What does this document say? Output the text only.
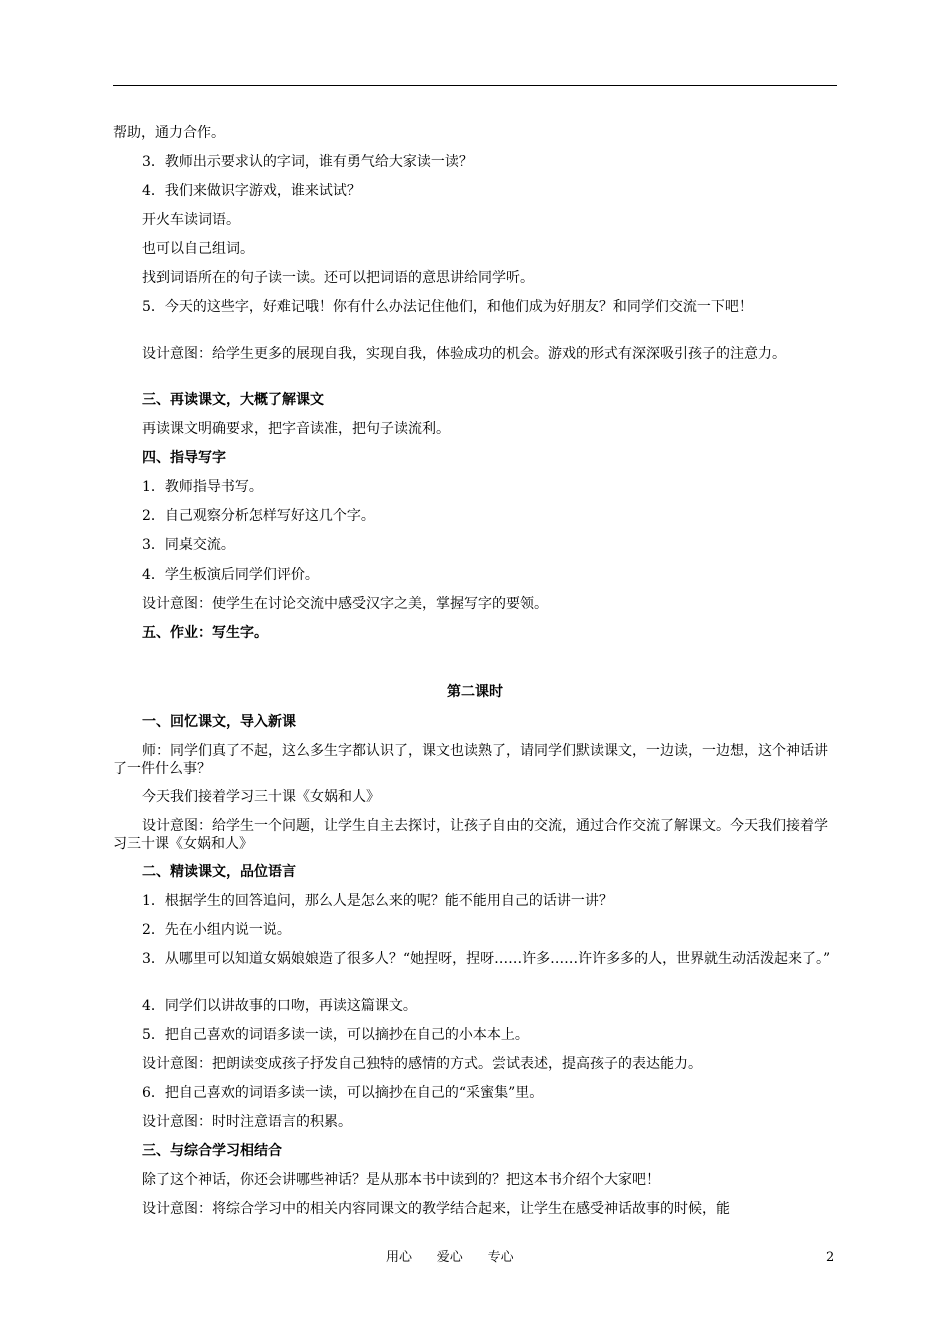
帮助，通力合作。
3．教师出示要求认的字词，谁有勇气给大家读一读？
4．我们来做识字游戏，谁来试试？
开火车读词语。
也可以自己组词。
找到词语所在的句子读一读。还可以把词语的意思讲给同学听。
5．今天的这些字，好难记哦！你有什么办法记住他们，和他们成为好朋友？和同学们交流一下吧！
设计意图：给学生更多的展现自我，实现自我，体验成功的机会。游戏的形式有深深吸引孩子的注意力。
三、再读课文，大概了解课文
再读课文明确要求，把字音读准，把句子读流利。
四、指导写字
1．教师指导书写。
2．自己观察分析怎样写好这几个字。
3．同桌交流。
4．学生板演后同学们评价。
设计意图：使学生在讨论交流中感受汉字之美，掌握写字的要领。
五、作业：写生字。
第二课时
一、回忆课文，导入新课
师：同学们真了不起，这么多生字都认识了，课文也读熟了，请同学们默读课文，一边读，一边想，这个神话讲了一件什么事？
今天我们接着学习三十课《女娲和人》
设计意图：给学生一个问题，让学生自主去探讨，让孩子自由的交流，通过合作交流了解课文。今天我们接着学习三十课《女娲和人》
二、精读课文，品位语言
1．根据学生的回答追问，那么人是怎么来的呢？能不能用自己的话讲一讲？
2．先在小组内说一说。
3．从哪里可以知道女娲娘娘造了很多人？“她捏呀，捏呀……许多……许许多多的人，世界就生动活泼起来了。”
4．同学们以讲故事的口吻，再读这篇课文。
5．把自己喜欢的词语多读一读，可以摘抄在自己的小本本上。
设计意图：把朗读变成孩子抒发自己独特的感情的方式。尝试表述，提高孩子的表达能力。
6．把自己喜欢的词语多读一读，可以摘抄在自己的“采蜜集”里。
设计意图：时时注意语言的积累。
三、与综合学习相结合
除了这个神话，你还会讲哪些神话？是从那本书中读到的？把这本书介绍个大家吧！
设计意图：将综合学习中的相关内容同课文的教学结合起来，让学生在感受神话故事的时候，能
用心      爱心      专心	2
